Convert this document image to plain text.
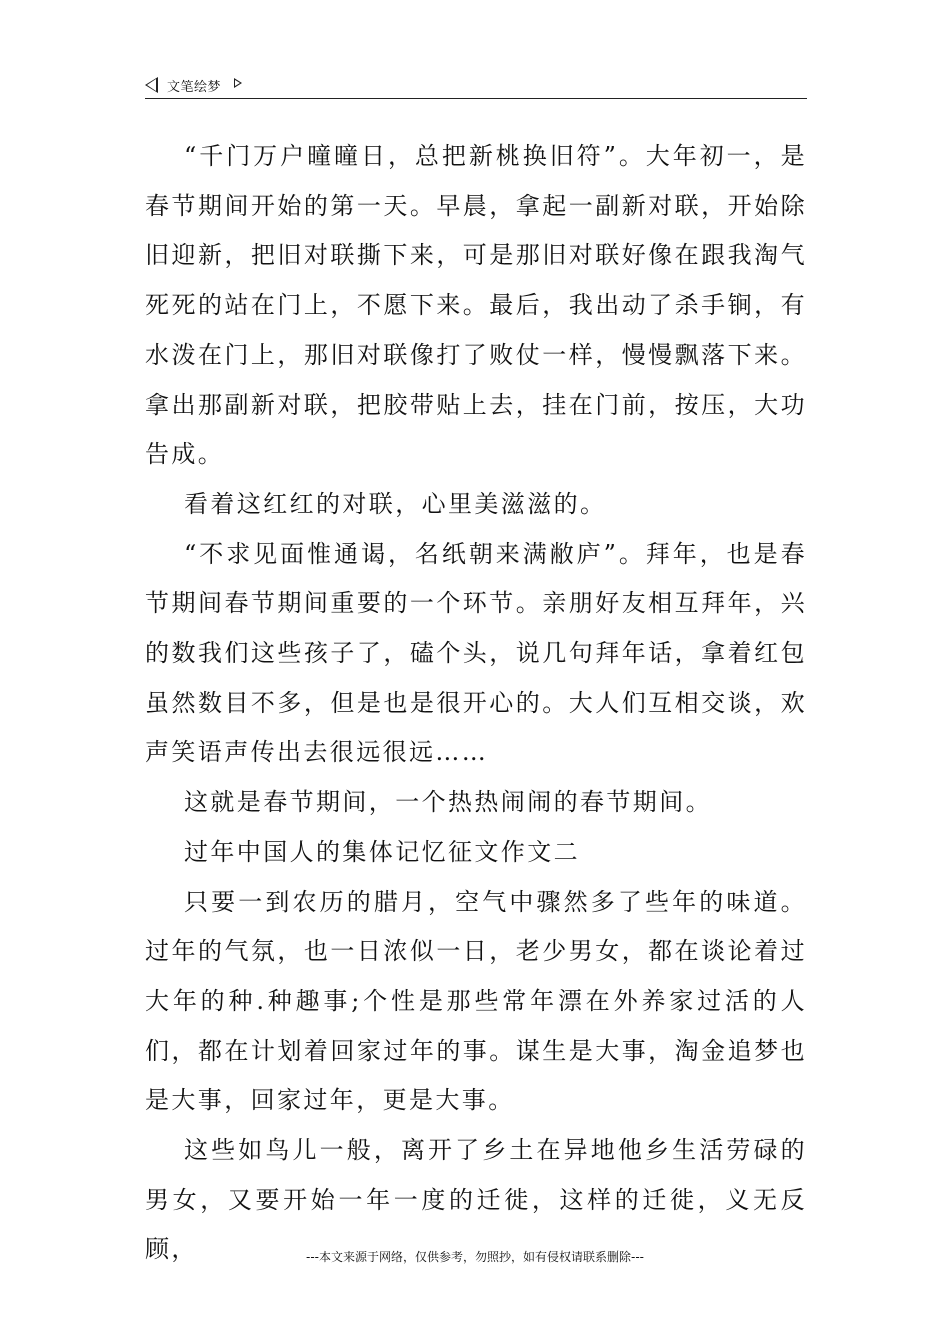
文笔绘梦

“千门万户曈曈日，总把新桃换旧符”。大年初一，是春节期间开始的第一天。早晨，拿起一副新对联，开始除旧迎新，把旧对联撕下来，可是那旧对联好像在跟我淘气死死的站在门上，不愿下来。最后，我出动了杀手锏，有水泼在门上，那旧对联像打了败仗一样，慢慢飘落下来。拿出那副新对联，把胶带贴上去，挂在门前，按压，大功告成。

看着这红红的对联，心里美滋滋的。

“不求见面惟通谒，名纸朝来满敝庐”。拜年，也是春节期间春节期间重要的一个环节。亲朋好友相互拜年，兴的数我们这些孩子了，磕个头，说几句拜年话，拿着红包虽然数目不多，但是也是很开心的。大人们互相交谈，欢声笑语声传出去很远很远……

这就是春节期间，一个热热闹闹的春节期间。

过年中国人的集体记忆征文作文二

只要一到农历的腊月，空气中骤然多了些年的味道。过年的气氛，也一日浓似一日，老少男女，都在谈论着过大年的种.种趣事;个性是那些常年漂在外养家过活的人们，都在计划着回家过年的事。谋生是大事，淘金追梦也是大事，回家过年，更是大事。

这些如鸟儿一般，离开了乡土在异地他乡生活劳碌的男女，又要开始一年一度的迁徙，这样的迁徙，义无反顾，	---本文来源于网络，仅供参考，勿照抄，如有侵权请联系删除---
